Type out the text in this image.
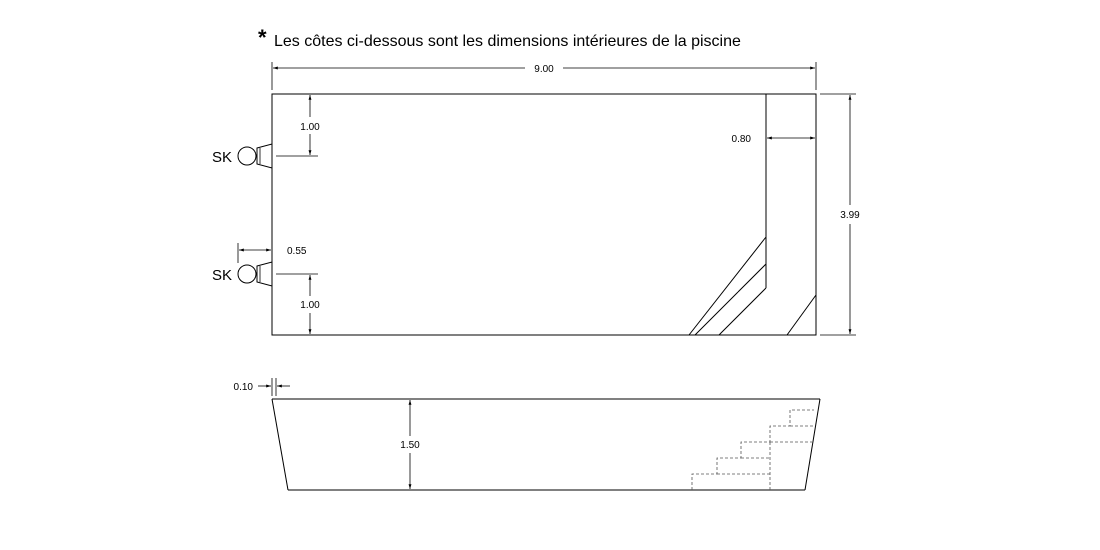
* Les côtes ci-dessous sont les dimensions intérieures de la piscine
9.00
3.99
0.80
SK
1.00
SK
1.00
0.55
0.10
1.50
